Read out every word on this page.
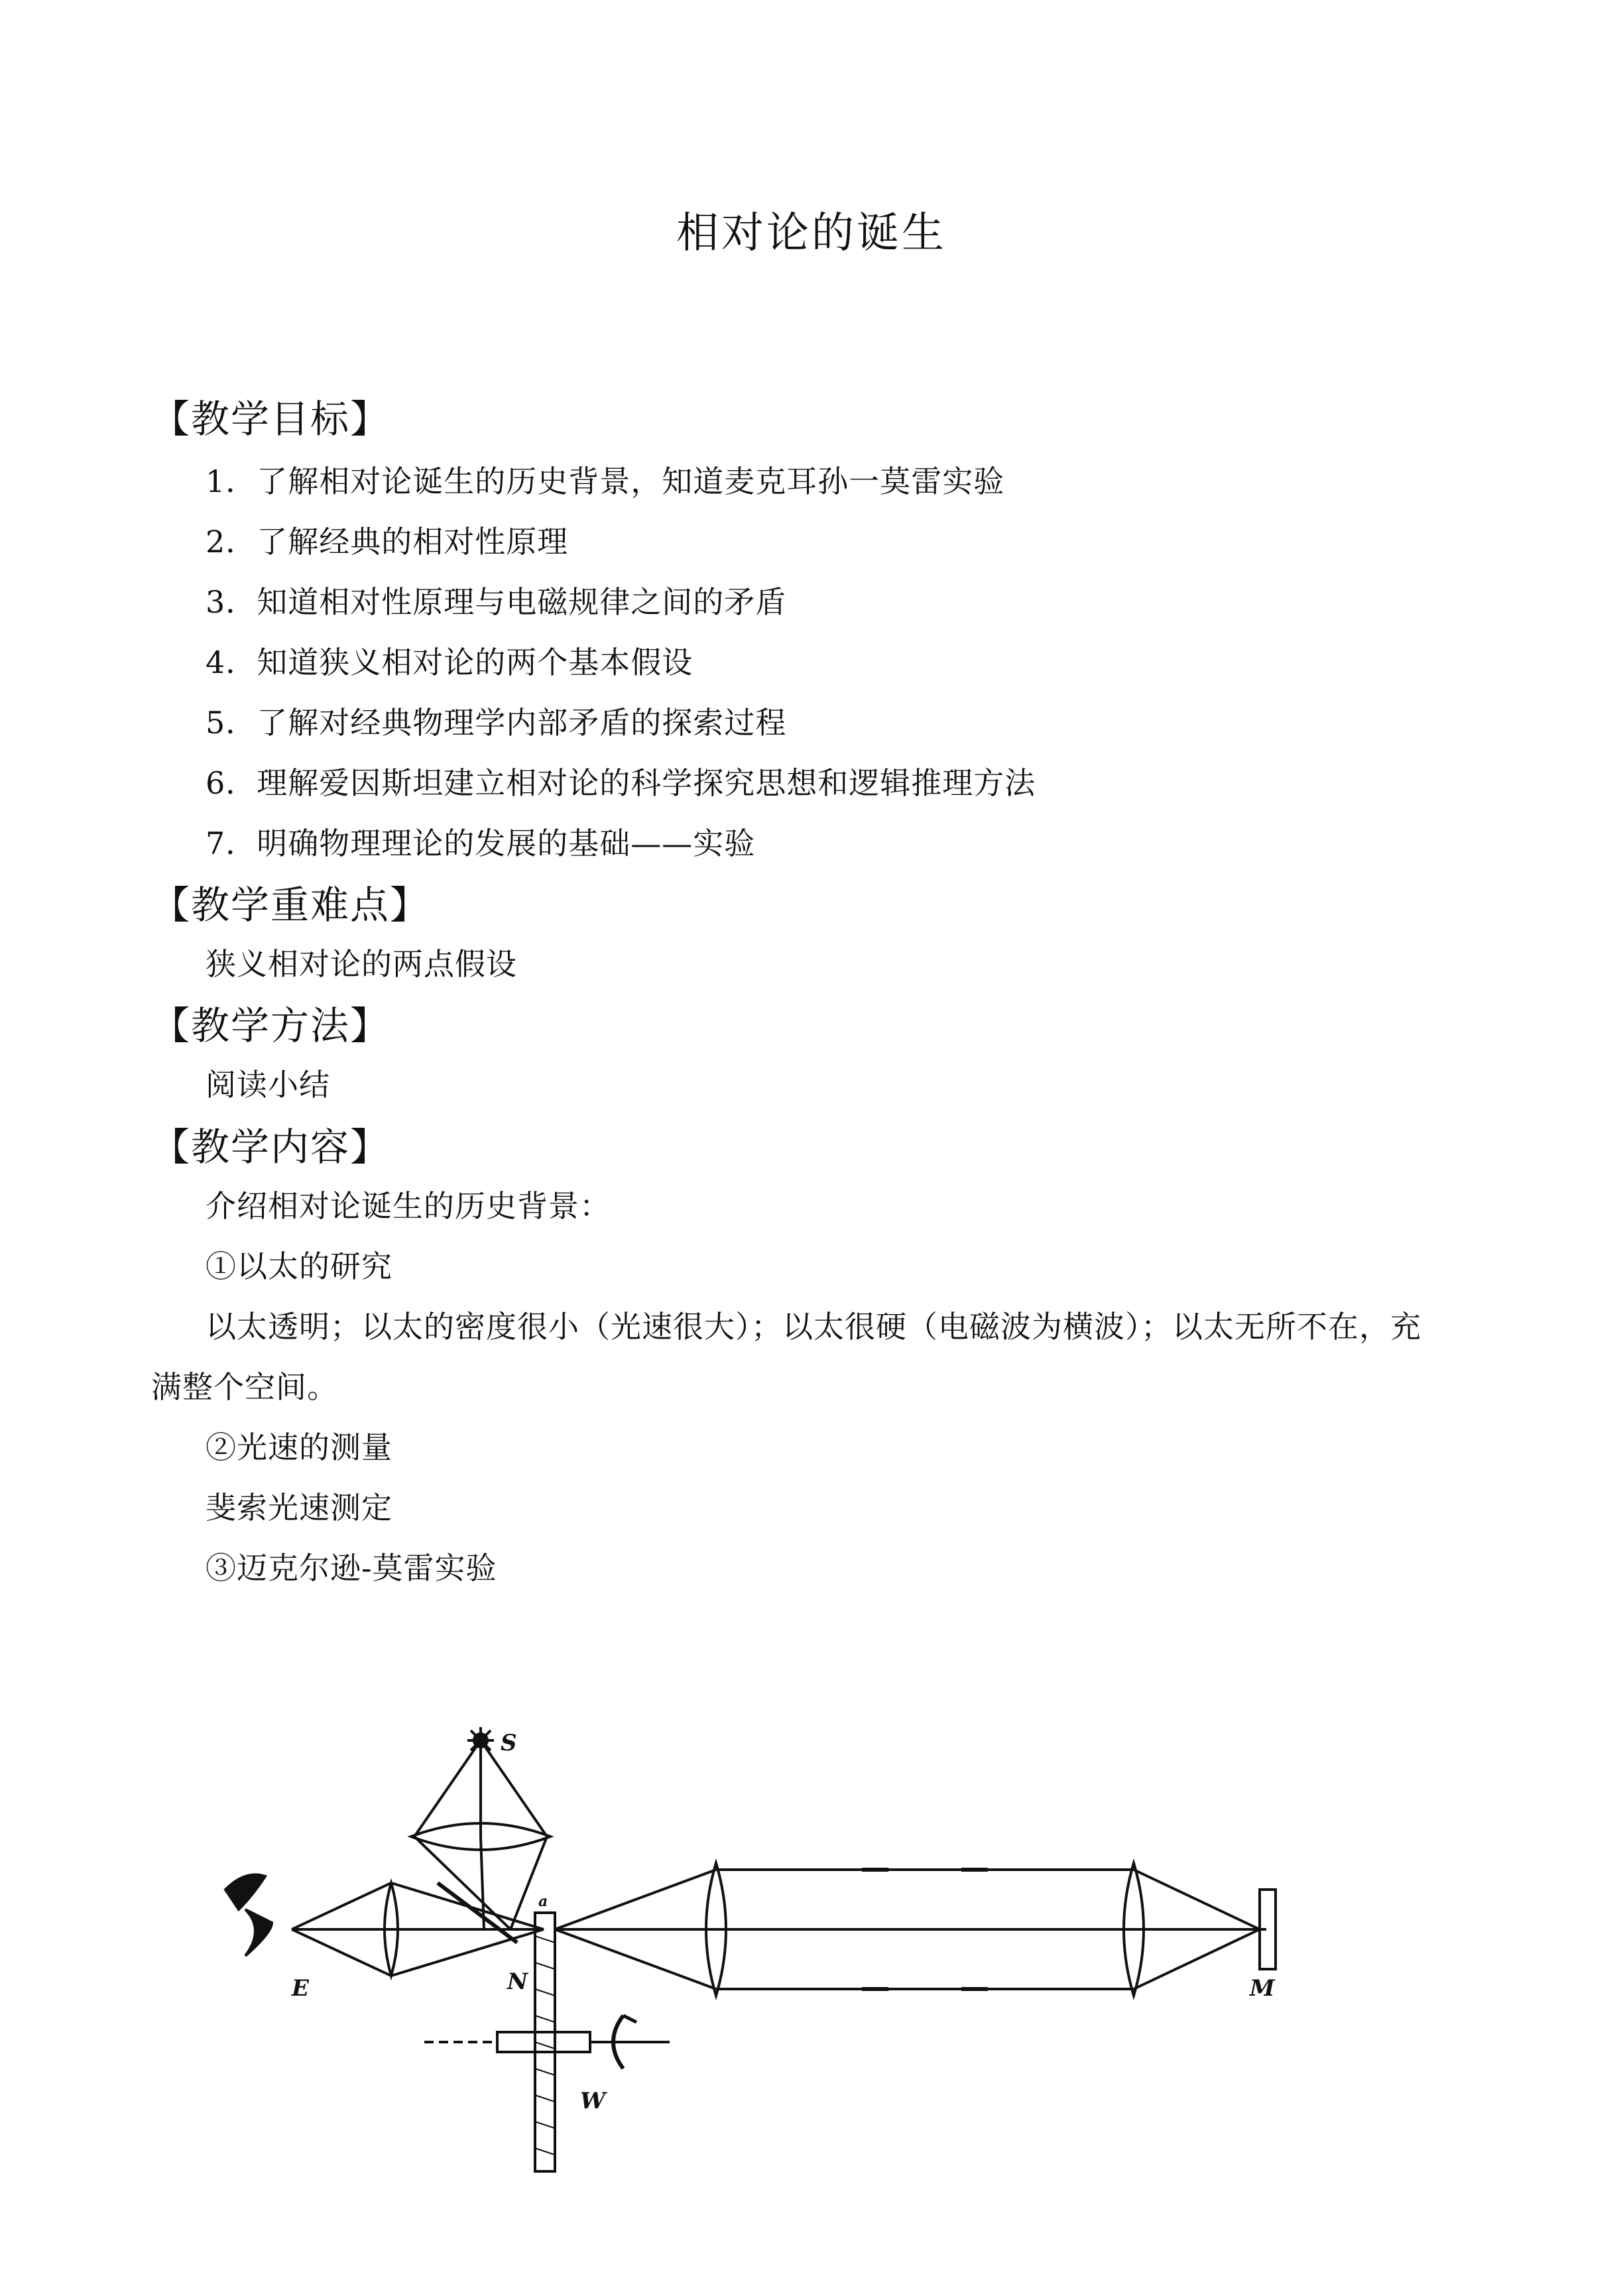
相对论的诞生
【教学目标】
1．了解相对论诞生的历史背景，知道麦克耳孙一莫雷实验
2．了解经典的相对性原理
3．知道相对性原理与电磁规律之间的矛盾
4．知道狭义相对论的两个基本假设
5．了解对经典物理学内部矛盾的探索过程
6．理解爱因斯坦建立相对论的科学探究思想和逻辑推理方法
7．明确物理理论的发展的基础——实验
【教学重难点】
狭义相对论的两点假设
【教学方法】
阅读小结
【教学内容】
介绍相对论诞生的历史背景：
①以太的研究
以太透明；以太的密度很小（光速很大）；以太很硬（电磁波为横波）；以太无所不在，充
满整个空间。
②光速的测量
斐索光速测定
③迈克尔逊-莫雷实验
S
E	N	M
W
a
